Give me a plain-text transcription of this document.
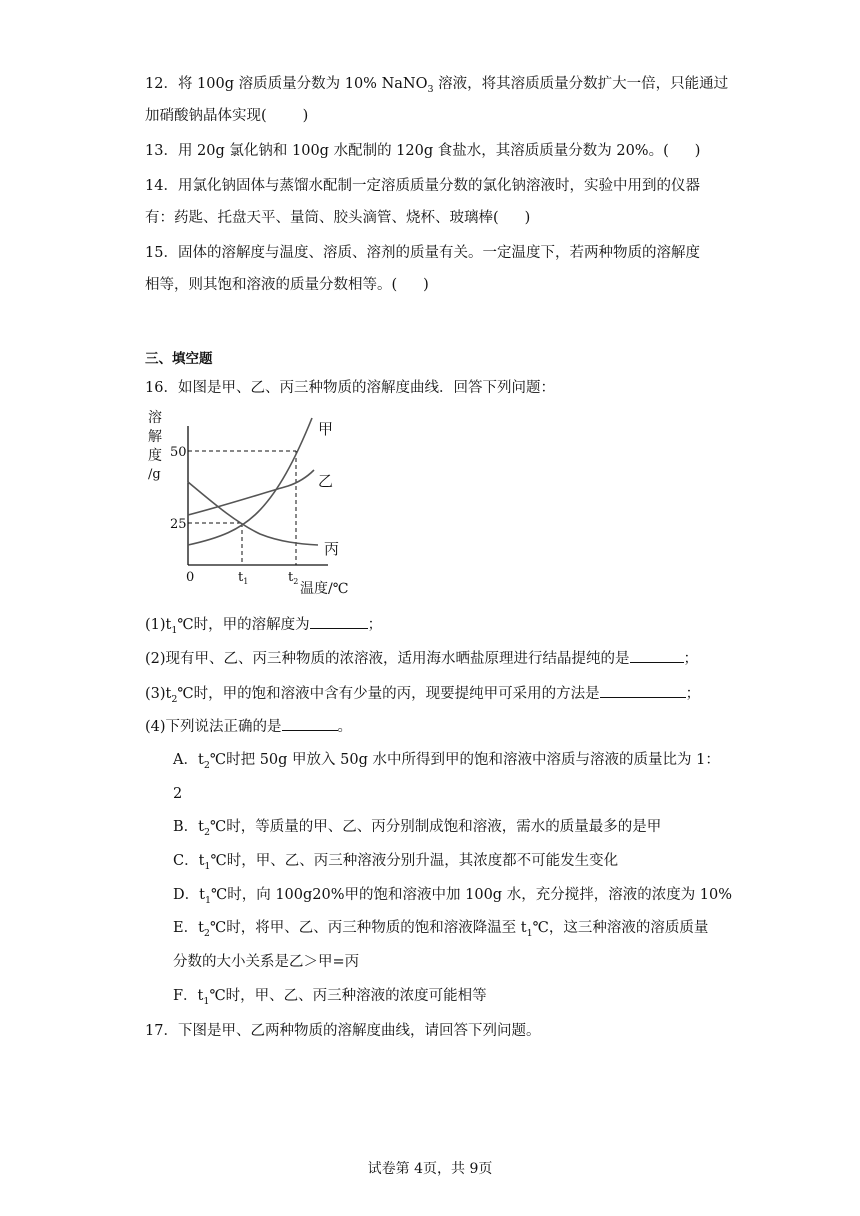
12．将 100g 溶质质量分数为 10% NaNO$_3$ 溶液，将其溶质质量分数扩大一倍，只能通过
加硝酸钠晶体实现( )
13．用 20g 氯化钠和 100g 水配制的 120g 食盐水，其溶质质量分数为 20%。( )
14．用氯化钠固体与蒸馏水配制一定溶质质量分数的氯化钠溶液时，实验中用到的仪器
有：药匙、托盘天平、量筒、胶头滴管、烧杯、玻璃棒( )
15．固体的溶解度与温度、溶质、溶剂的质量有关。一定温度下，若两种物质的溶解度
相等，则其饱和溶液的质量分数相等。( )
三、填空题
16．如图是甲、乙、丙三种物质的溶解度曲线．回答下列问题：
溶
解
度
/g
50
25
0	$t_1$	$t_2$ 温度/℃
甲
乙
丙
$(1)t_1℃$时，甲的溶解度为	；
(2)现有甲、乙、丙三种物质的浓溶液，适用海水晒盐原理进行结晶提纯的是	；
$(3)t_2℃$时，甲的饱和溶液中含有少量的丙，现要提纯甲可采用的方法是	；
(4)下列说法正确的是	。
A．$t_2℃$时把 50g 甲放入 50g 水中所得到甲的饱和溶液中溶质与溶液的质量比为 1：
2
B．$t_2℃$时，等质量的甲、乙、丙分别制成饱和溶液，需水的质量最多的是甲
C．$t_1℃$时，甲、乙、丙三种溶液分别升温，其浓度都不可能发生变化
D．$t_1℃$时，向 100g20%甲的饱和溶液中加 100g 水，充分搅拌，溶液的浓度为 10%
E．$t_2℃$时，将甲、乙、丙三种物质的饱和溶液降温至 $t_1℃$，这三种溶液的溶质质量
分数的大小关系是乙＞甲=丙
F．$t_1℃$时，甲、乙、丙三种溶液的浓度可能相等
17．下图是甲、乙两种物质的溶解度曲线，请回答下列问题。
试卷第 4页，共 9页
